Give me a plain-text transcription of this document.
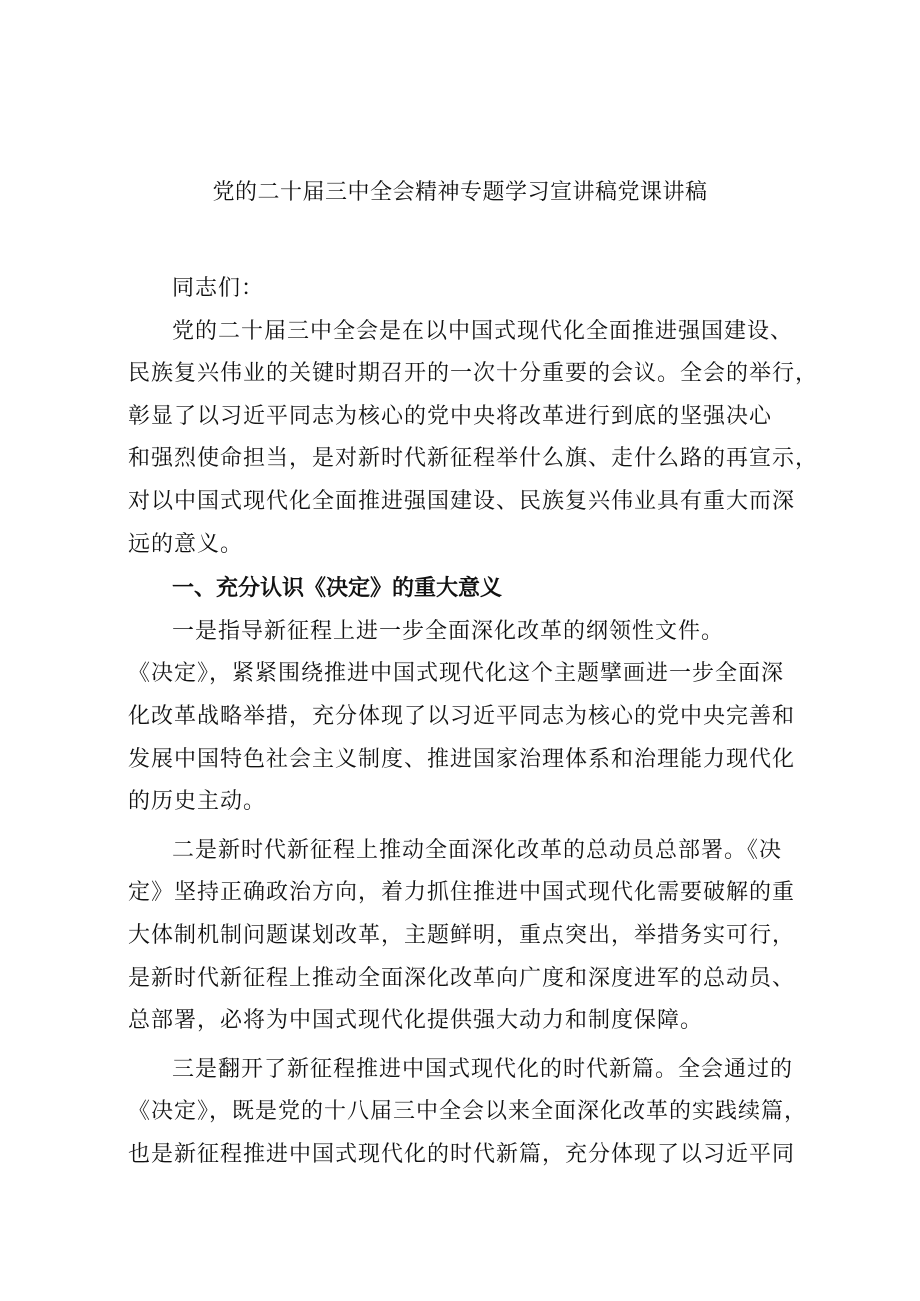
党的二十届三中全会精神专题学习宣讲稿党课讲稿

同志们：

党的二十届三中全会是在以中国式现代化全面推进强国建设、
民族复兴伟业的关键时期召开的一次十分重要的会议。全会的举行，
彰显了以习近平同志为核心的党中央将改革进行到底的坚强决心
和强烈使命担当，是对新时代新征程举什么旗、走什么路的再宣示，
对以中国式现代化全面推进强国建设、民族复兴伟业具有重大而深
远的意义。

一、充分认识《决定》的重大意义

一是指导新征程上进一步全面深化改革的纲领性文件。
《决定》，紧紧围绕推进中国式现代化这个主题擘画进一步全面深
化改革战略举措，充分体现了以习近平同志为核心的党中央完善和
发展中国特色社会主义制度、推进国家治理体系和治理能力现代化
的历史主动。

二是新时代新征程上推动全面深化改革的总动员总部署。《决
定》坚持正确政治方向，着力抓住推进中国式现代化需要破解的重
大体制机制问题谋划改革，主题鲜明，重点突出，举措务实可行，
是新时代新征程上推动全面深化改革向广度和深度进军的总动员、
总部署，必将为中国式现代化提供强大动力和制度保障。

三是翻开了新征程推进中国式现代化的时代新篇。全会通过的
《决定》，既是党的十八届三中全会以来全面深化改革的实践续篇，
也是新征程推进中国式现代化的时代新篇，充分体现了以习近平同
